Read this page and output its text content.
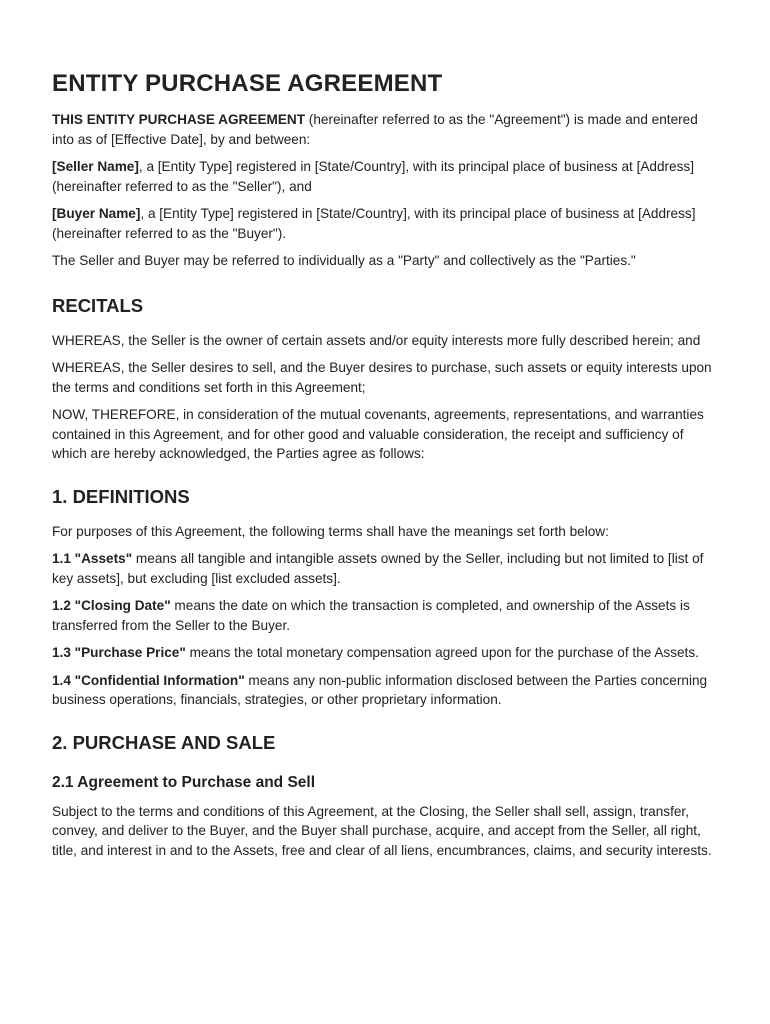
ENTITY PURCHASE AGREEMENT

THIS ENTITY PURCHASE AGREEMENT (hereinafter referred to as the "Agreement") is made and entered into as of [Effective Date], by and between:

[Seller Name], a [Entity Type] registered in [State/Country], with its principal place of business at [Address] (hereinafter referred to as the "Seller"), and

[Buyer Name], a [Entity Type] registered in [State/Country], with its principal place of business at [Address] (hereinafter referred to as the "Buyer").

The Seller and Buyer may be referred to individually as a "Party" and collectively as the "Parties."

RECITALS

WHEREAS, the Seller is the owner of certain assets and/or equity interests more fully described herein; and

WHEREAS, the Seller desires to sell, and the Buyer desires to purchase, such assets or equity interests upon the terms and conditions set forth in this Agreement;

NOW, THEREFORE, in consideration of the mutual covenants, agreements, representations, and warranties contained in this Agreement, and for other good and valuable consideration, the receipt and sufficiency of which are hereby acknowledged, the Parties agree as follows:

1. DEFINITIONS

For purposes of this Agreement, the following terms shall have the meanings set forth below:

1.1 "Assets" means all tangible and intangible assets owned by the Seller, including but not limited to [list of key assets], but excluding [list excluded assets].

1.2 "Closing Date" means the date on which the transaction is completed, and ownership of the Assets is transferred from the Seller to the Buyer.

1.3 "Purchase Price" means the total monetary compensation agreed upon for the purchase of the Assets.

1.4 "Confidential Information" means any non-public information disclosed between the Parties concerning business operations, financials, strategies, or other proprietary information.

2. PURCHASE AND SALE
2.1 Agreement to Purchase and Sell

Subject to the terms and conditions of this Agreement, at the Closing, the Seller shall sell, assign, transfer, convey, and deliver to the Buyer, and the Buyer shall purchase, acquire, and accept from the Seller, all right, title, and interest in and to the Assets, free and clear of all liens, encumbrances, claims, and security interests.
